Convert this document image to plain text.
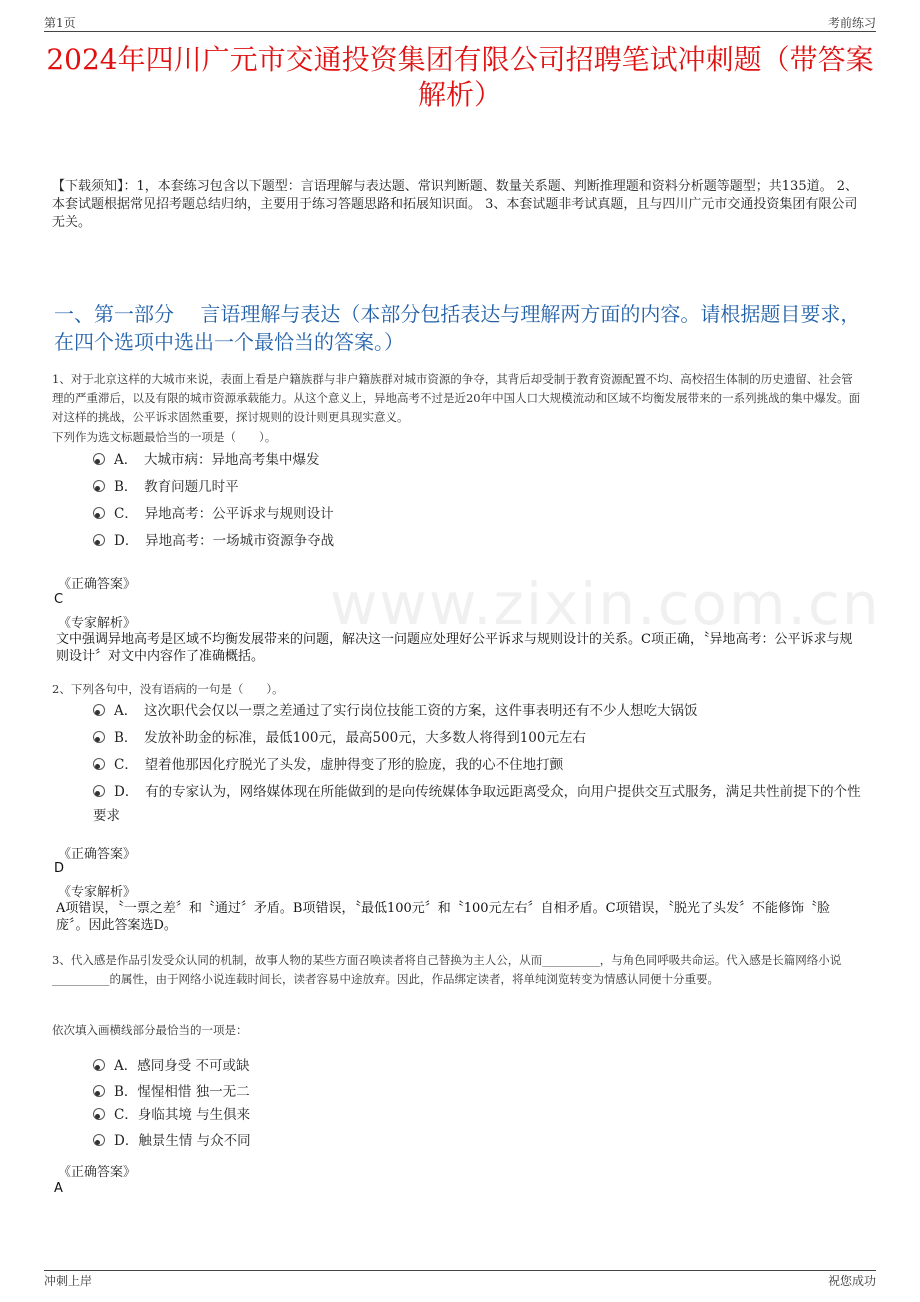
第1页	考前练习
www.zixin.com.cn
2024年四川广元市交通投资集团有限公司招聘笔试冲刺题（带答案解析）
【下载须知】：1，本套练习包含以下题型：言语理解与表达题、常识判断题、数量关系题、判断推理题和资料分析题等题型；共135道。 2、本套试题根据常见招考题总结归纳，主要用于练习答题思路和拓展知识面。 3、本套试题非考试真题，且与四川广元市交通投资集团有限公司无关。
一、第一部分　 言语理解与表达（本部分包括表达与理解两方面的内容。请根据题目要求，在四个选项中选出一个最恰当的答案。）
1、对于北京这样的大城市来说，表面上看是户籍族群与非户籍族群对城市资源的争夺，其背后却受制于教育资源配置不均、高校招生体制的历史遗留、社会管理的严重滞后，以及有限的城市资源承载能力。从这个意义上，异地高考不过是近20年中国人口大规模流动和区域不均衡发展带来的一系列挑战的集中爆发。面对这样的挑战，公平诉求固然重要，探讨规则的设计则更具现实意义。
下列作为选文标题最恰当的一项是（　　）。
A．　大城市病：异地高考集中爆发
B．　教育问题几时平
C．　异地高考：公平诉求与规则设计
D．　异地高考：一场城市资源争夺战
《正确答案》
C
《专家解析》
文中强调异地高考是区域不均衡发展带来的问题，解决这一问题应处理好公平诉求与规则设计的关系。C项正确，〝异地高考：公平诉求与规则设计〞对文中内容作了准确概括。
2、下列各句中，没有语病的一句是（　　）。
A．　这次职代会仅以一票之差通过了实行岗位技能工资的方案，这件事表明还有不少人想吃大锅饭
B．　发放补助金的标准，最低100元，最高500元，大多数人将得到100元左右
C．　望着他那因化疗脱光了头发，虚肿得变了形的脸庞，我的心不住地打颤
D．　有的专家认为，网络媒体现在所能做到的是向传统媒体争取远距离受众，向用户提供交互式服务，满足共性前提下的个性要求
《正确答案》
D
《专家解析》
A项错误，〝一票之差〞和〝通过〞矛盾。B项错误，〝最低100元〞和〝100元左右〞自相矛盾。C项错误，〝脱光了头发〞不能修饰〝脸庞〞。因此答案选D。
3、代入感是作品引发受众认同的机制，故事人物的某些方面召唤读者将自己替换为主人公，从而__________，与角色同呼吸共命运。代入感是长篇网络小说__________的属性，由于网络小说连载时间长，读者容易中途放弃。因此，作品绑定读者，将单纯浏览转变为情感认同便十分重要。
依次填入画横线部分最恰当的一项是：
A．感同身受 不可或缺
B．惺惺相惜 独一无二
C．身临其境 与生俱来
D．触景生情 与众不同
《正确答案》
A
冲刺上岸	祝您成功
